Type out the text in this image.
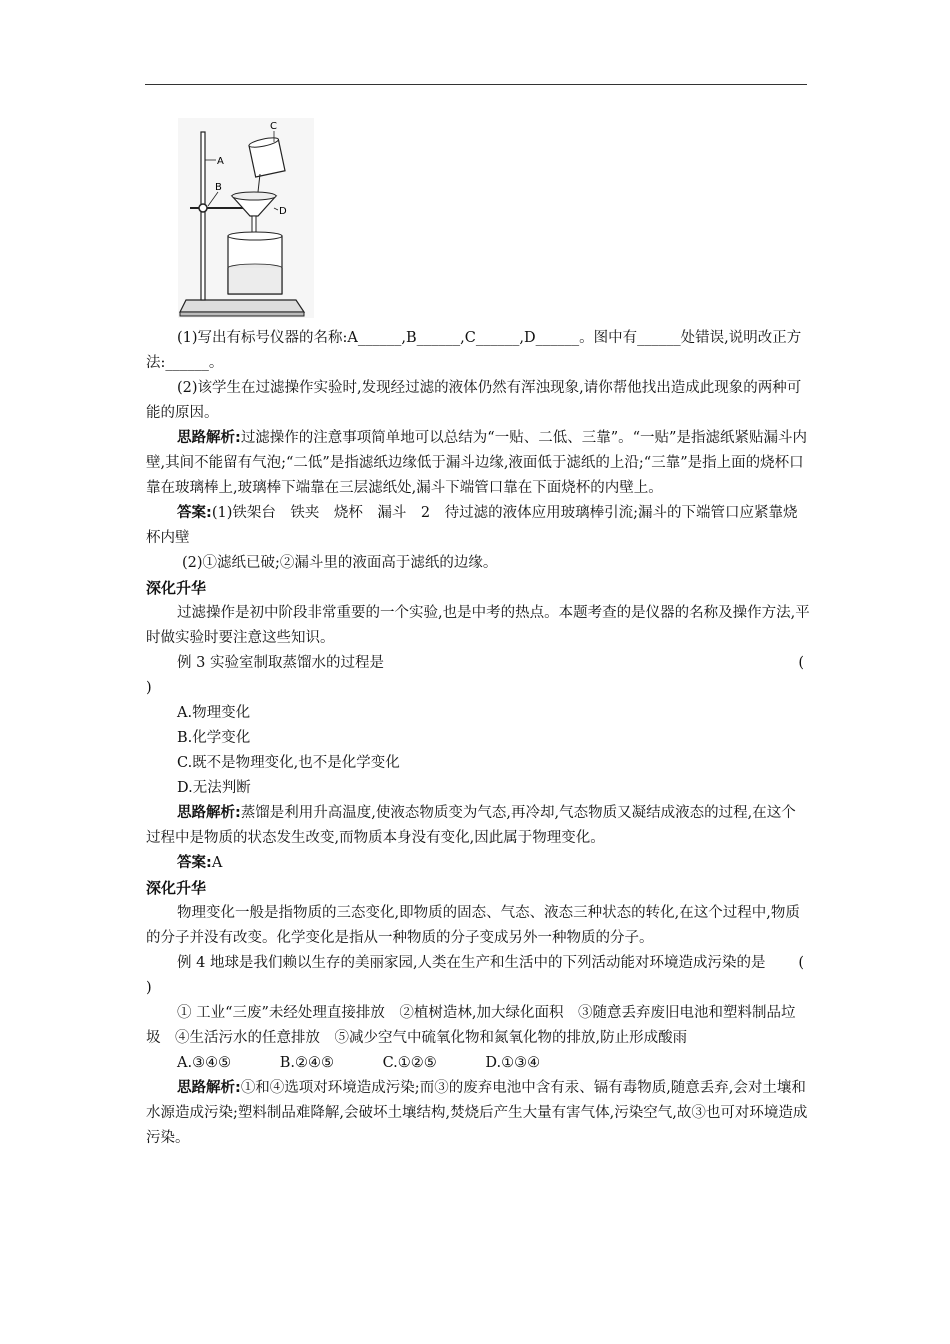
A
B
C
D

(1)写出有标号仪器的名称:A______,B______,C______,D______。图中有______处错误,说明改正方法:______。

(2)该学生在过滤操作实验时,发现经过滤的液体仍然有浑浊现象,请你帮他找出造成此现象的两种可能的原因。

思路解析:过滤操作的注意事项简单地可以总结为“一贴、二低、三靠”。“一贴”是指滤纸紧贴漏斗内壁,其间不能留有气泡;“二低”是指滤纸边缘低于漏斗边缘,液面低于滤纸的上沿;“三靠”是指上面的烧杯口靠在玻璃棒上,玻璃棒下端靠在三层滤纸处,漏斗下端管口靠在下面烧杯的内壁上。

答案:(1)铁架台　铁夹　烧杯　漏斗　2　待过滤的液体应用玻璃棒引流;漏斗的下端管口应紧靠烧杯内壁

(2)①滤纸已破;②漏斗里的液面高于滤纸的边缘。

深化升华

过滤操作是初中阶段非常重要的一个实验,也是中考的热点。本题考查的是仪器的名称及操作方法,平时做实验时要注意这些知识。

例 3 实验室制取蒸馏水的过程是	(

)

A.物理变化

B.化学变化

C.既不是物理变化,也不是化学变化

D.无法判断

思路解析:蒸馏是利用升高温度,使液态物质变为气态,再冷却,气态物质又凝结成液态的过程,在这个过程中是物质的状态发生改变,而物质本身没有变化,因此属于物理变化。

答案:A

深化升华

物理变化一般是指物质的三态变化,即物质的固态、气态、液态三种状态的转化,在这个过程中,物质的分子并没有改变。化学变化是指从一种物质的分子变成另外一种物质的分子。

例 4 地球是我们赖以生存的美丽家园,人类在生产和生活中的下列活动能对环境造成污染的是	(

)

① 工业“三废”未经处理直接排放　②植树造林,加大绿化面积　③随意丢弃废旧电池和塑料制品垃圾　④生活污水的任意排放　⑤减少空气中硫氧化物和氮氧化物的排放,防止形成酸雨

A.③④⑤	B.②④⑤	C.①②⑤	D.①③④

思路解析:①和④选项对环境造成污染;而③的废弃电池中含有汞、镉有毒物质,随意丢弃,会对土壤和水源造成污染;塑料制品难降解,会破坏土壤结构,焚烧后产生大量有害气体,污染空气,故③也可对环境造成污染。
